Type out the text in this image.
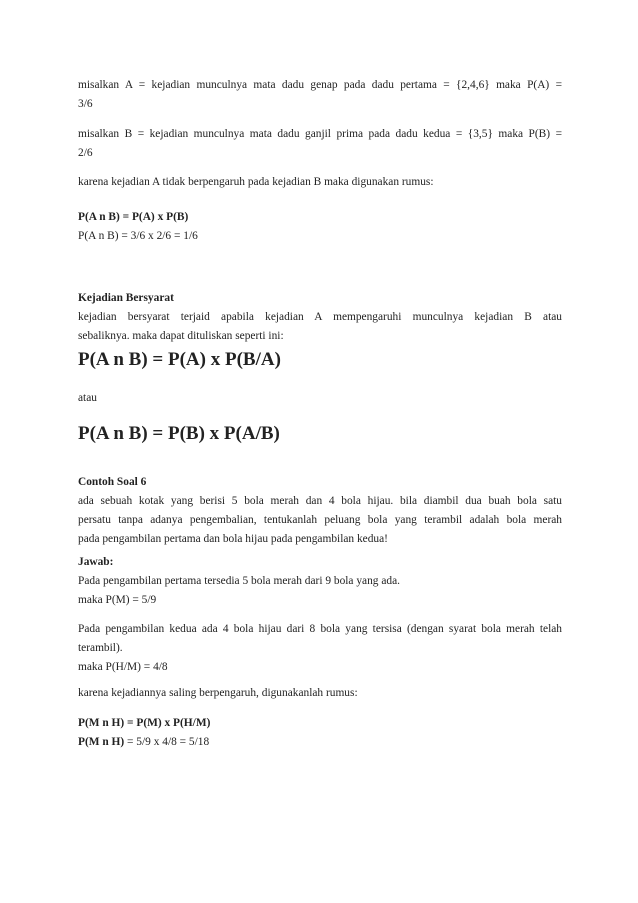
misalkan A = kejadian munculnya mata dadu genap pada dadu pertama = {2,4,6} maka P(A) =
3/6
misalkan B = kejadian munculnya mata dadu ganjil prima pada dadu kedua = {3,5} maka P(B) =
2/6
karena kejadian A tidak berpengaruh pada kejadian B maka digunakan rumus:
P(A n B) = P(A) x P(B)
P(A n B) = 3/6 x 2/6 = 1/6
Kejadian Bersyarat
kejadian bersyarat terjaid apabila kejadian A mempengaruhi munculnya kejadian B atau
sebaliknya. maka dapat dituliskan seperti ini:
P(A n B) = P(A) x P(B/A)
atau
P(A n B) = P(B) x P(A/B)
Contoh Soal 6
ada sebuah kotak yang berisi 5 bola merah dan 4 bola hijau. bila diambil dua buah bola satu
persatu tanpa adanya pengembalian, tentukanlah peluang bola yang terambil adalah bola merah
pada pengambilan pertama dan bola hijau pada pengambilan kedua!
Jawab:
Pada pengambilan pertama tersedia 5 bola merah dari 9 bola yang ada.
maka P(M) = 5/9
Pada pengambilan kedua ada 4 bola hijau dari 8 bola yang tersisa (dengan syarat bola merah telah
terambil).
maka P(H/M) = 4/8
karena kejadiannya saling berpengaruh, digunakanlah rumus:
P(M n H) = P(M) x P(H/M)
P(M n H) = 5/9 x 4/8 = 5/18
